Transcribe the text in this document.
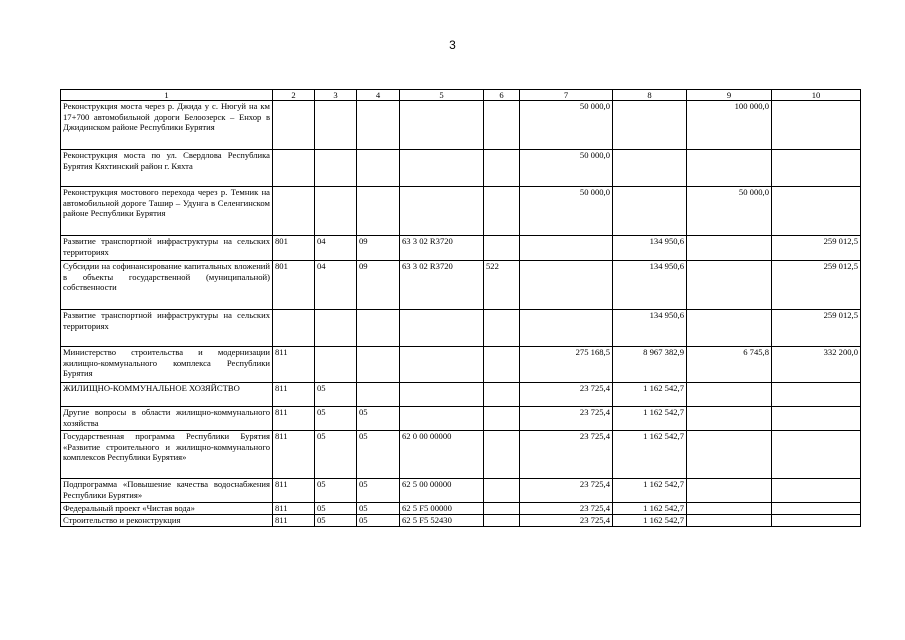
3
1	2	3	4	5	6	7	8	9	10
Реконструкция моста через р. Джида у с. Нюгуй на км 17+700 автомобильной дороги Белоозерск – Енхор в Джидинском районе Республики Бурятия						50 000,0		100 000,0	
Реконструкция моста по ул. Свердлова Республика Бурятия Кяхтинский район г. Кяхта						50 000,0			
Реконструкция мостового перехода через р. Темник на автомобильной дороге Ташир – Удунга в Селенгинском районе Республики Бурятия						50 000,0		50 000,0	
Развитие транспортной инфраструктуры на сельских территориях	801	04	09	63 3 02 R3720			134 950,6		259 012,5
Субсидии на софинансирование капитальных вложений в объекты государственной (муниципальной) собственности	801	04	09	63 3 02 R3720	522		134 950,6		259 012,5
Развитие транспортной инфраструктуры на сельских территориях							134 950,6		259 012,5
Министерство строительства и модернизации жилищно-коммунального комплекса Республики Бурятия	811					275 168,5	8 967 382,9	6 745,8	332 200,0
ЖИЛИЩНО-КОММУНАЛЬНОЕ ХОЗЯЙСТВО	811	05				23 725,4	1 162 542,7		
Другие вопросы в области жилищно-коммунального хозяйства	811	05	05			23 725,4	1 162 542,7		
Государственная программа Республики Бурятия «Развитие строительного и жилищно-коммунального комплексов Республики Бурятия»	811	05	05	62 0 00 00000		23 725,4	1 162 542,7		
Подпрограмма «Повышение качества водоснабжения Республики Бурятия»	811	05	05	62 5 00 00000		23 725,4	1 162 542,7		
Федеральный проект «Чистая вода»	811	05	05	62 5 F5 00000		23 725,4	1 162 542,7		
Строительство и реконструкция	811	05	05	62 5 F5 52430		23 725,4	1 162 542,7		
